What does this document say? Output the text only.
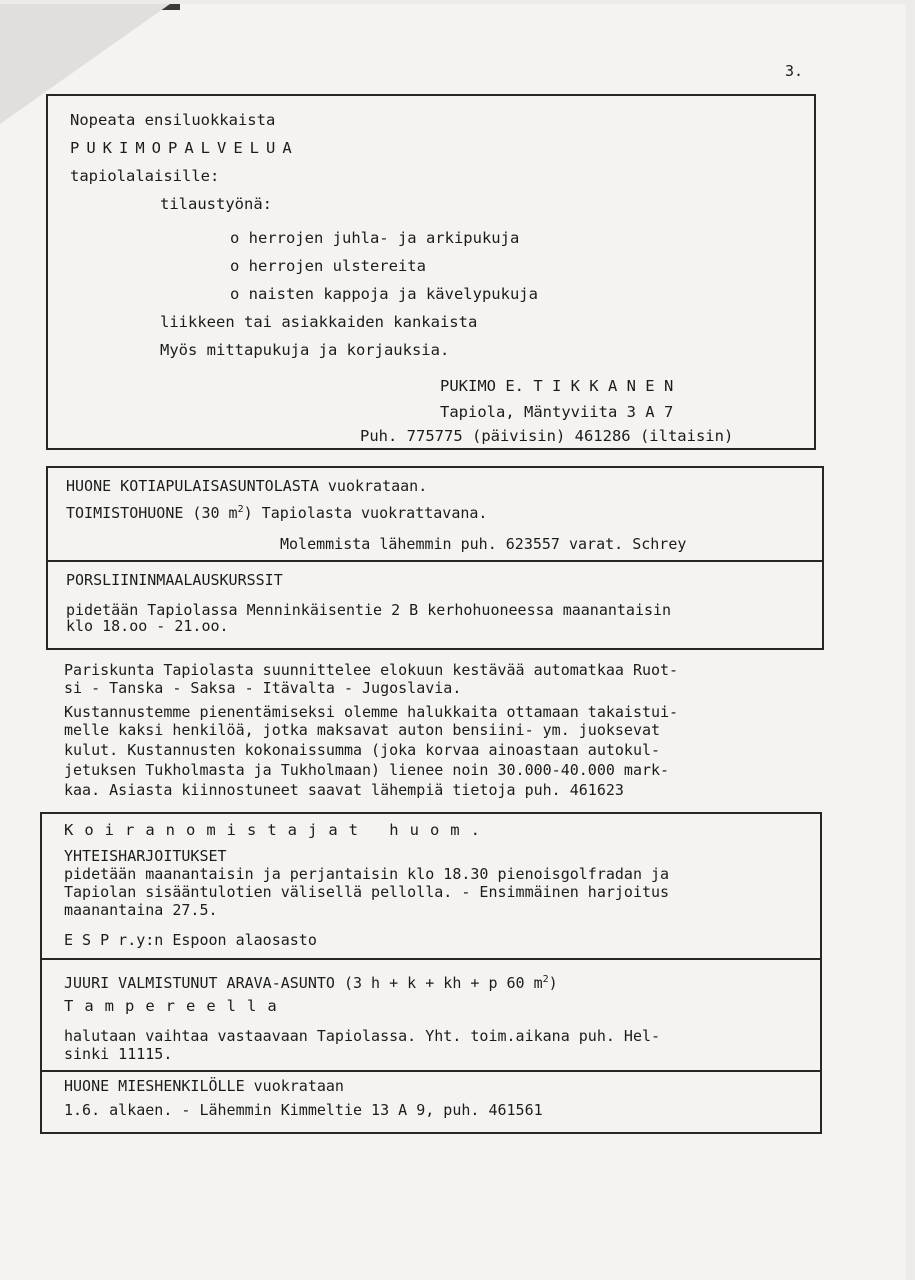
3.
Nopeata ensiluokkaista
PUKIMOPALVELUA
tapiolalaisille:
tilaustyönä:
o herrojen juhla- ja arkipukuja
o herrojen ulstereita
o naisten kappoja ja kävelypukuja
liikkeen tai asiakkaiden kankaista
Myös mittapukuja ja korjauksia.
PUKIMO E. T I K K A N E N
Tapiola, Mäntyviita 3 A 7
Puh. 775775 (päivisin) 461286 (iltaisin)
HUONE KOTIAPULAISASUNTOLASTA vuokrataan.
TOIMISTOHUONE (30 $m^2$) Tapiolasta vuokrattavana.
Molemmista lähemmin puh. 623557 varat. Schrey
PORSLIININMAALAUSKURSSIT
pidetään Tapiolassa Menninkäisentie 2 B kerhohuoneessa maanantaisin
klo 18.oo - 21.oo.
Pariskunta Tapiolasta suunnittelee elokuun kestävää automatkaa Ruot-
si - Tanska - Saksa - Itävalta - Jugoslavia.
Kustannustemme pienentämiseksi olemme halukkaita ottamaan takaistui-
melle kaksi henkilöä, jotka maksavat auton bensiini- ym. juoksevat
kulut. Kustannusten kokonaissumma (joka korvaa ainoastaan autokul-
jetuksen Tukholmasta ja Tukholmaan) lienee noin 30.000-40.000 mark-
kaa. Asiasta kiinnostuneet saavat lähempiä tietoja puh. 461623
Koiranomistajat huom.
YHTEISHARJOITUKSET
pidetään maanantaisin ja perjantaisin klo 18.30 pienoisgolfradan ja
Tapiolan sisääntulotien välisellä pellolla. - Ensimmäinen harjoitus
maanantaina 27.5.
E S P r.y:n Espoon alaosasto
JUURI VALMISTUNUT ARAVA-ASUNTO (3 h + k + kh + p 60 $m^2$)
Tampereella
halutaan vaihtaa vastaavaan Tapiolassa. Yht. toim.aikana puh. Hel-
sinki 11115.
HUONE MIESHENKILÖLLE vuokrataan
1.6. alkaen. - Lähemmin Kimmeltie 13 A 9, puh. 461561
